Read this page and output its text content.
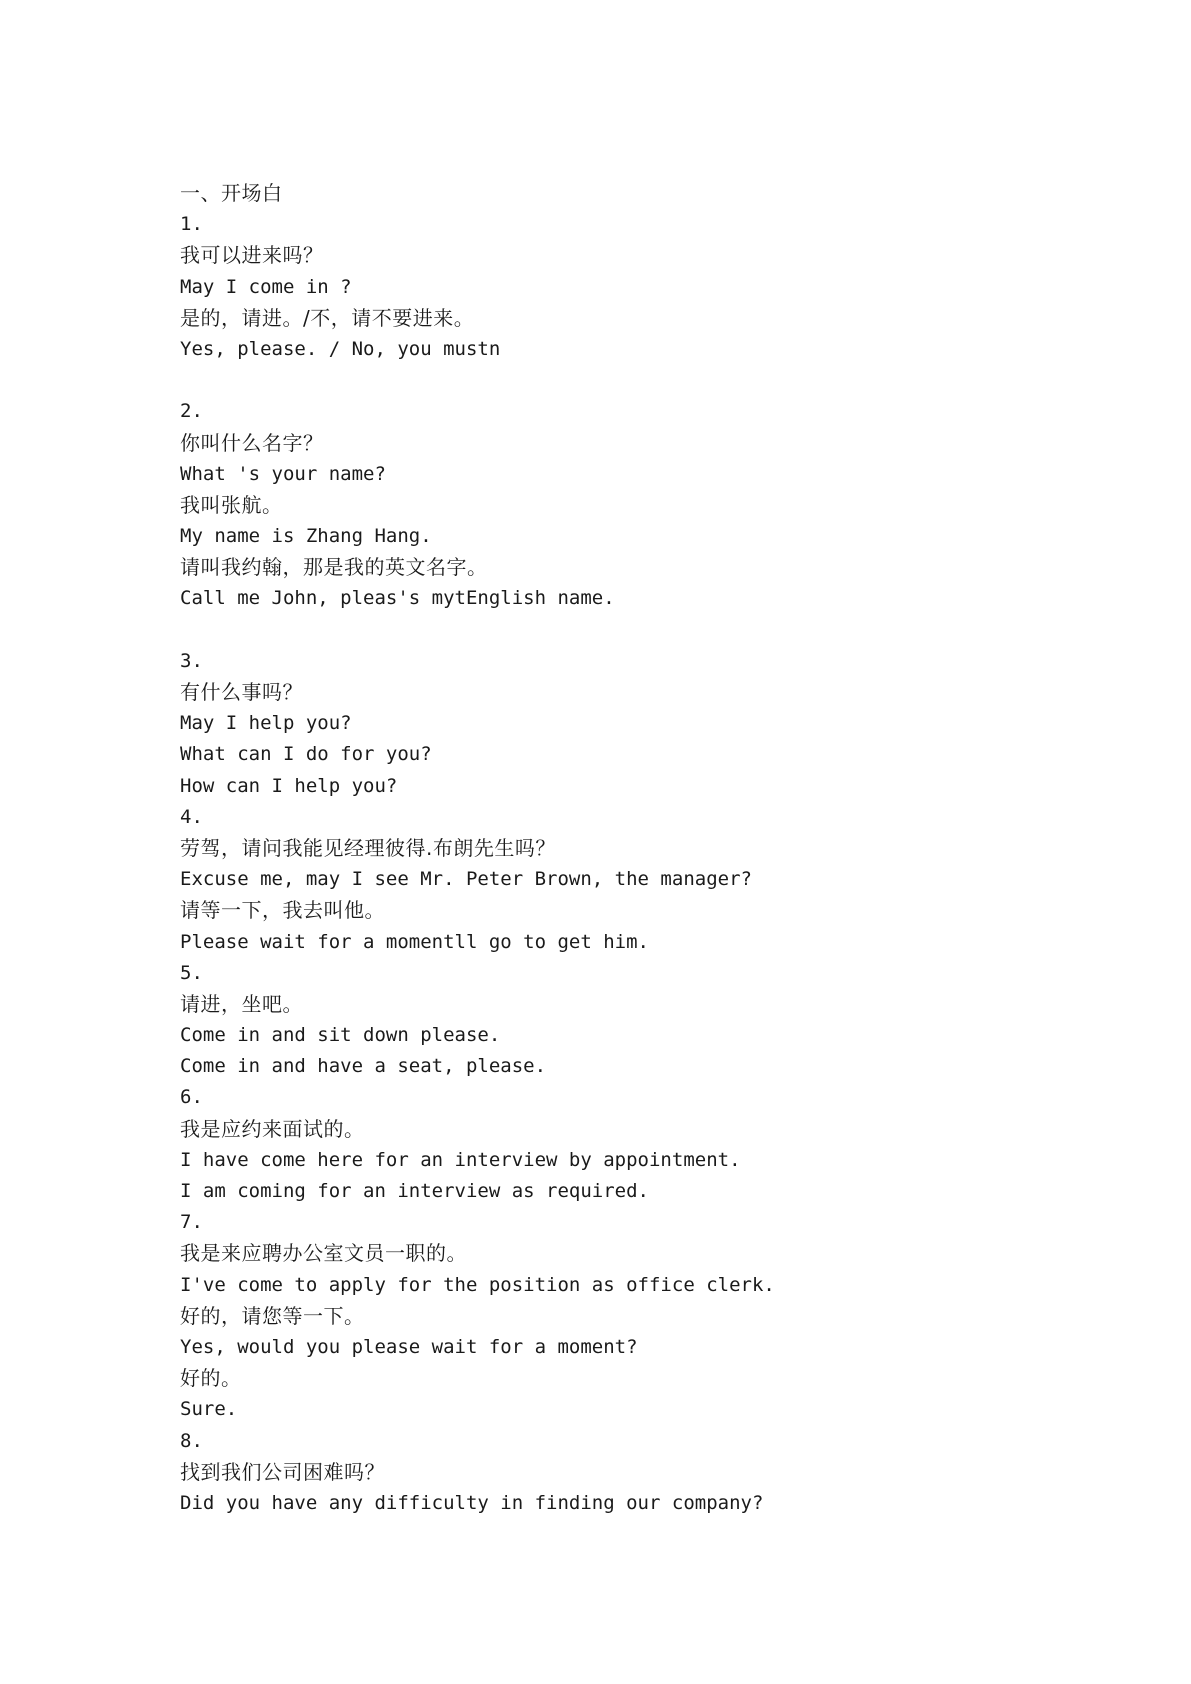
一、开场白
1.
我可以进来吗？
May I come in ?
是的，请进。/不，请不要进来。
Yes, please. / No, you mustn
2.
你叫什么名字？
What 's your name?
我叫张航。
My name is Zhang Hang.
请叫我约翰，那是我的英文名字。
Call me John, pleas's mytEnglish name.
3.
有什么事吗？
May I help you?
What can I do for you?
How can I help you?
4.
劳驾，请问我能见经理彼得.布朗先生吗？
Excuse me, may I see Mr. Peter Brown, the manager?
请等一下，我去叫他。
Please wait for a momentll go to get him.
5.
请进，坐吧。
Come in and sit down please.
Come in and have a seat, please.
6.
我是应约来面试的。
I have come here for an interview by appointment.
I am coming for an interview as required.
7.
我是来应聘办公室文员一职的。
I've come to apply for the position as office clerk.
好的，请您等一下。
Yes, would you please wait for a moment?
好的。
Sure.
8.
找到我们公司困难吗？
Did you have any difficulty in finding our company?
